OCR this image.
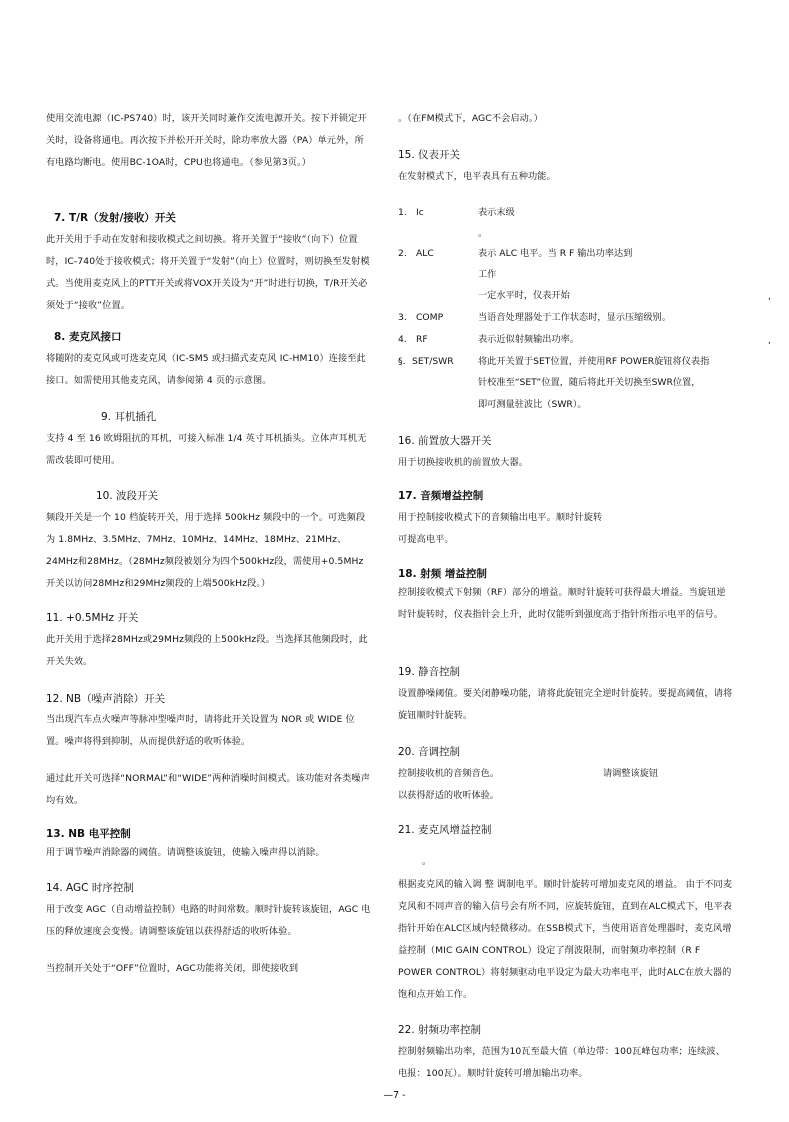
使用交流电源（IC-PS740）时，该开关同时兼作交流电源开关。按下并锁定开关时，设备将通电。再次按下并松开开关时，除功率放大器（PA）单元外，所有电路均断电。使用BC-1OA时，CPU也将通电。（参见第3页。）

7. T/R（发射/接收）开关

此开关用于手动在发射和接收模式之间切换。将开关置于“接收”（向下）位置时，IC-740处于接收模式；将开关置于“发射”（向上）位置时，则切换至发射模式。当使用麦克风上的PTT开关或将VOX开关设为“开”时进行切换，T/R开关必须处于“接收”位置。

8. 麦克风接口

将随附的麦克风或可选麦克风（IC-SM5 或扫描式麦克风 IC-HM10）连接至此接口。如需使用其他麦克风，请参阅第 4 页的示意图。

9. 耳机插孔

支持 4 至 16 欧姆阻抗的耳机，可接入标准 1/4 英寸耳机插头。立体声耳机无需改装即可使用。

10. 波段开关

频段开关是一个 10 档旋转开关，用于选择 500kHz 频段中的一个。可选频段为 1.8MHz、3.5MHz、7MHz、10MHz、14MHz、18MHz、21MHz、24MHz和28MHz。（28MHz频段被划分为四个500kHz段，需使用+0.5MHz开关以访问28MHz和29MHz频段的上端500kHz段。）

11. +0.5MHz 开关

此开关用于选择28MHz或29MHz频段的上500kHz段。当选择其他频段时，此开关失效。

12. NB（噪声消除）开关

当出现汽车点火噪声等脉冲型噪声时，请将此开关设置为 NOR 或 WIDE 位置。噪声将得到抑制，从而提供舒适的收听体验。

通过此开关可选择“NORMAL”和“WIDE”两种消噪时间模式。该功能对各类噪声均有效。

13. NB 电平控制

用于调节噪声消除器的阈值。请调整该旋钮，使输入噪声得以消除。

14. AGC 时序控制

用于改变 AGC（自动增益控制）电路的时间常数。顺时针旋转该旋钮，AGC 电压的释放速度会变慢。请调整该旋钮以获得舒适的收听体验。

当控制开关处于“OFF”位置时，AGC功能将关闭，即使接收到

。（在FM模式下，AGC不会启动。）

15. 仪表开关

在发射模式下，电平表具有五种功能。

1. Ic	表示末级
。
2. ALC	表示 ALC 电平。当 R F 输出功率达到
工作
一定水平时，仪表开始
3. COMP	当语音处理器处于工作状态时，显示压缩级别。
4. RF	表示近似射频输出功率。
§. SET/SWR	将此开关置于SET位置，并使用RF POWER旋钮将仪表指
针校准至“SET”位置，随后将此开关切换至SWR位置，
即可测量驻波比（SWR）。
,
,
16. 前置放大器开关

用于切换接收机的前置放大器。

17. 音频增益控制

用于控制接收模式下的音频输出电平。顺时针旋转可提高电平。

18. 射频 增益控制

控制接收模式下射频（RF）部分的增益。顺时针旋转可获得最大增益。当旋钮逆时针旋转时，仪表指针会上升，此时仅能听到强度高于指针所指示电平的信号。

19. 静音控制

设置静噪阈值。要关闭静噪功能，请将此旋钮完全逆时针旋转。要提高阈值，请将旋钮顺时针旋转。

20. 音调控制
控制接收机的音频音色。	请调整该旋钮
以获得舒适的收听体验。
21. 麦克风增益控制
。

根据麦克风的输入调 整 调制电平。顺时针旋转可增加麦克风的增益。 由于不同麦克风和不同声音的输入信号会有所不同，应旋转旋钮，直到在ALC模式下，电平表指针开始在ALC区域内轻微移动。在SSB模式下，当使用语音处理器时，麦克风增益控制（MIC GAIN CONTROL）设定了削波限制，而射频功率控制（R F POWER CONTROL）将射频驱动电平设定为最大功率电平，此时ALC在放大器的饱和点开始工作。

22. 射频功率控制

控制射频输出功率，范围为10瓦至最大值（单边带：100瓦峰包功率；连续波、电报：100瓦）。顺时针旋转可增加输出功率。

—7 -
